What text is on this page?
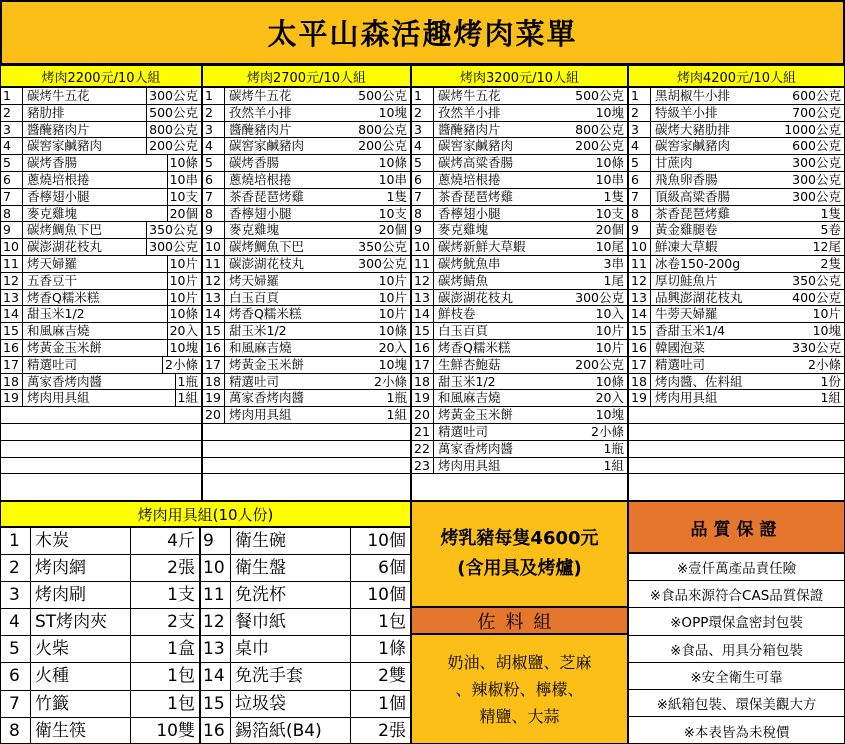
太平山森活趣烤肉菜單
烤肉2200元/10人組	烤肉2700元/10人組	烤肉3200元/10人組	烤肉4200元/10人組
1	碳烤牛五花	300公克
2	豬肋排	500公克
3	醬醃豬肉片	800公克
4	碳窖家鹹豬肉	200公克
5	碳烤香腸	10條
6	蔥燒培根捲	10串
7	香檸翅小腿	10支
8	麥克雞塊	20個
9	碳烤鯛魚下巴	350公克
10 碳澎湖花枝丸	300公克
11 烤天婦羅	10片
12 五香豆干	10片
13 烤香Q糯米糕	10片
14 甜玉米1/2	10條
15 和風麻吉燒	20入
16 烤黃金玉米餅	10塊
17 精選吐司	2小條
18 萬家香烤肉醬	1瓶
19 烤肉用具組	1組
1	碳烤牛五花	500公克
2	孜然羊小排	10塊
3	醬醃豬肉片	800公克
4	碳窖家鹹豬肉	200公克
5	碳烤香腸	10條
6	蔥燒培根捲	10串
7	茶香琵琶烤雞	1隻
8	香檸翅小腿	10支
9	麥克雞塊	20個
10 碳烤鯛魚下巴	350公克
11 碳澎湖花枝丸	300公克
12 烤天婦羅	10片
13 白玉百頁	10片
14 烤香Q糯米糕	10片
15 甜玉米1/2	10條
16 和風麻吉燒	20入
17 烤黃金玉米餅	10塊
18 精選吐司	2小條
19 萬家香烤肉醬	1瓶
20 烤肉用具組	1組
1	碳烤牛五花	500公克
2	孜然羊小排	10塊
3	醬醃豬肉片	800公克
4	碳窖家鹹豬肉	200公克
5	碳烤高粱香腸	10條
6	蔥燒培根捲	10串
7	茶香琵琶烤雞	1隻
8	香檸翅小腿	10支
9	麥克雞塊	20個
10 碳烤新鮮大草蝦	10尾
11 碳烤魷魚串	3串
12 碳烤鯖魚	1尾
13 碳澎湖花枝丸	300公克
14 鮮枝卷	10入
15 白玉百頁	10片
16 烤香Q糯米糕	10片
17 生鮮杏鮑菇	200公克
18 甜玉米1/2	10條
19 和風麻吉燒	20入
20 烤黃金玉米餅	10塊
21 精選吐司	2小條
22 萬家香烤肉醬	1瓶
23 烤肉用具組	1組
1	黑胡椒牛小排	600公克
2	特級羊小排	700公克
3	碳烤大豬肋排	1000公克
4	碳窖家鹹豬肉	600公克
5	甘蔗肉	300公克
6	飛魚卵香腸	300公克
7	頂級高粱香腸	300公克
8	茶香琵琶烤雞	1隻
9	黃金雞腿卷	5卷
10 鮮凍大草蝦	12尾
11 冰卷150-200g	2隻
12 厚切鮭魚片	350公克
13 品興澎湖花枝丸	400公克
14 牛蒡天婦羅	10片
15 香甜玉米1/4	10塊
16 韓國泡菜	330公克
17 精選吐司	2小條
18 烤肉醬、佐料組	1份
19 烤肉用具組	1組
烤肉用具組(10人份)
1 木炭	4斤 9	衛生碗	10個
2 烤肉網	2張 10 衛生盤	6個
3 烤肉刷	1支 11 免洗杯	10個
4 ST烤肉夾	2支 12 餐巾紙	1包
5 火柴	1盒 13 桌巾	1條
6 火種	1包 14 免洗手套	2雙
7 竹籤	1包 15 垃圾袋	1個
8 衛生筷	10雙 16 錫箔紙(B4)	2張
烤乳豬每隻4600元
(含用具及烤爐)
佐料組
奶油、胡椒鹽、芝麻
、辣椒粉、檸檬、
精鹽、大蒜
品質保證
※壹仟萬產品責任險
※食品來源符合CAS品質保證
※OPP環保盒密封包裝
※食品、用具分箱包裝
※安全衛生可靠
※紙箱包裝、環保美觀大方
※本表皆為未稅價
